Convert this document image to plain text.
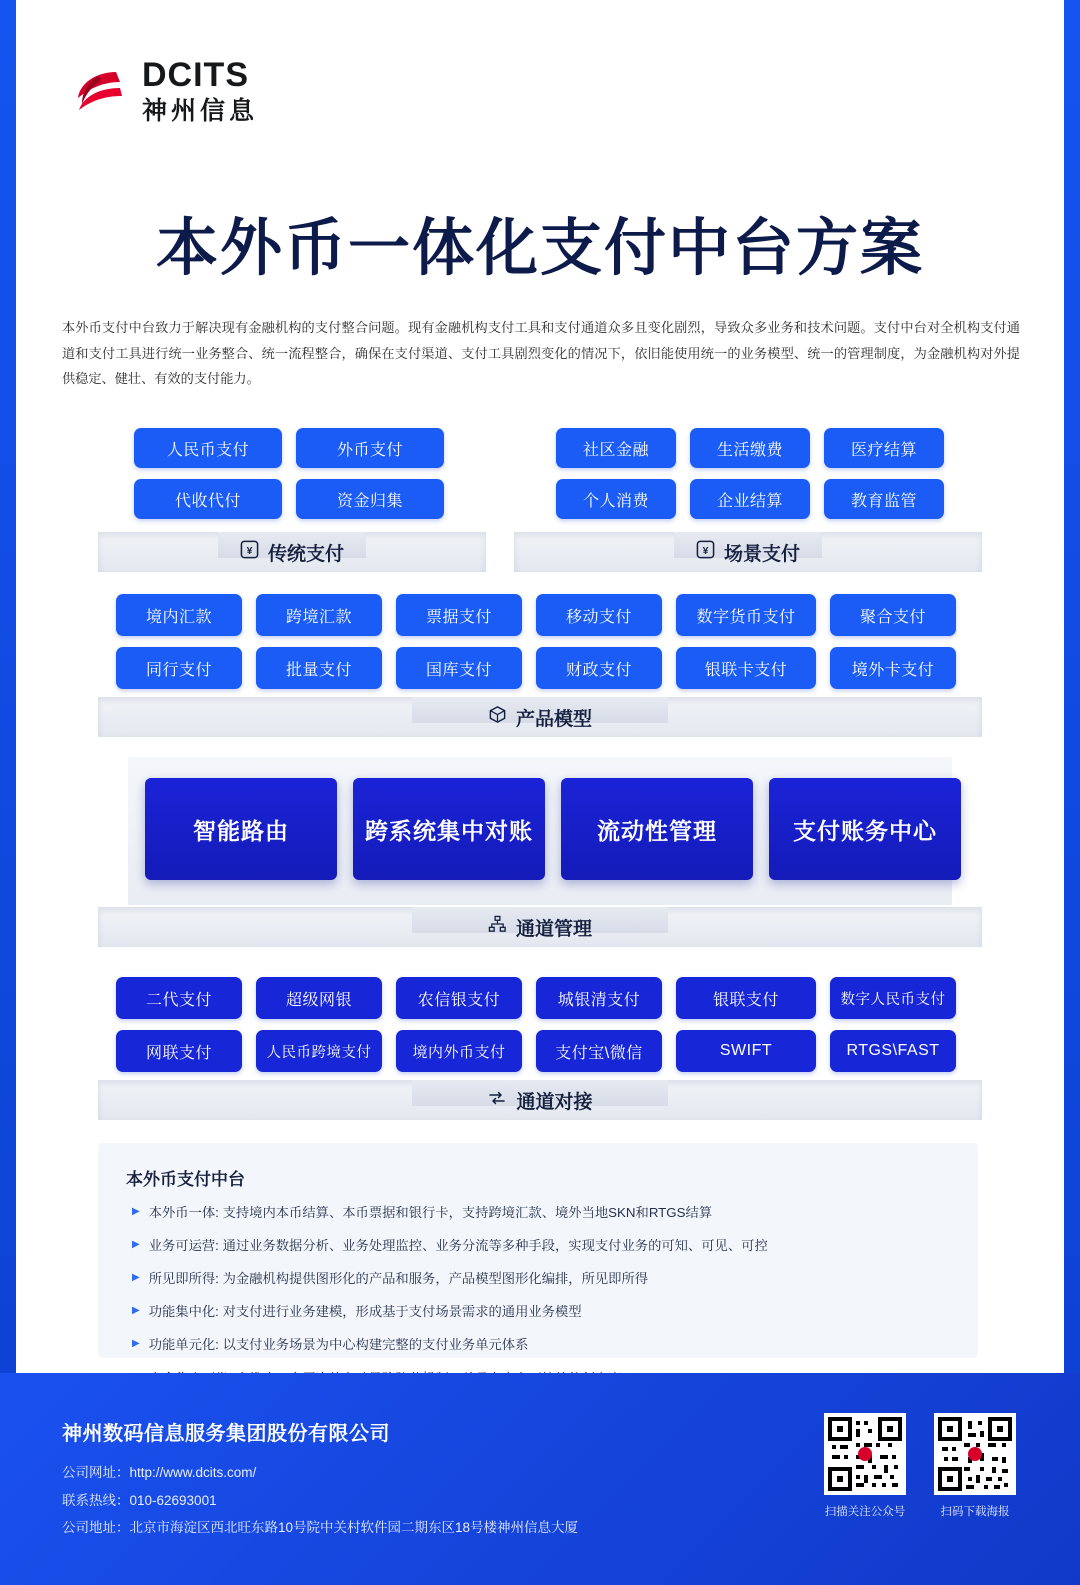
DCITS
神州信息
本外币一体化支付中台方案
本外币支付中台致力于解决现有金融机构的支付整合问题。现有金融机构支付工具和支付通道众多且变化剧烈，导致众多业务和技术问题。支付中台对全机构支付通道和支付工具进行统一业务整合、统一流程整合，确保在支付渠道、支付工具剧烈变化的情况下，依旧能使用统一的业务模型、统一的管理制度，为金融机构对外提供稳定、健壮、有效的支付能力。
人民币支付	外币支付
代收代付	资金归集
¥ 传统支付
社区金融	生活缴费	医疗结算
个人消费	企业结算	教育监管
¥ 场景支付
境内汇款	跨境汇款	票据支付	移动支付	数字货币支付	聚合支付
同行支付	批量支付	国库支付	财政支付	银联卡支付	境外卡支付
产品模型
智能路由	跨系统集中对账	流动性管理	支付账务中心
通道管理
二代支付	超级网银	农信银支付	城银清支付	银联支付	数字人民币支付
网联支付	人民币跨境支付	境内外币支付	支付宝\微信	SWIFT	RTGS\FAST
通道对接
本外币支付中台
▶ 本外币一体: 支持境内本币结算、本币票据和银行卡，支持跨境汇款、境外当地SKN和RTGS结算
▶ 业务可运营: 通过业务数据分析、业务处理监控、业务分流等多种手段，实现支付业务的可知、可见、可控
▶ 所见即所得: 为金融机构提供图形化的产品和服务，产品模型图形化编排，所见即所得
▶ 功能集中化: 对支付进行业务建模，形成基于支付场景需求的通用业务模型
▶ 功能单元化: 以支付业务场景为中心构建完整的支付业务单元体系
神州数码信息服务集团股份有限公司
公司网址：http://www.dcits.com/
联系热线：010-62693001
公司地址：北京市海淀区西北旺东路10号院中关村软件园二期东区18号楼神州信息大厦
扫描关注公众号	扫码下载海报
